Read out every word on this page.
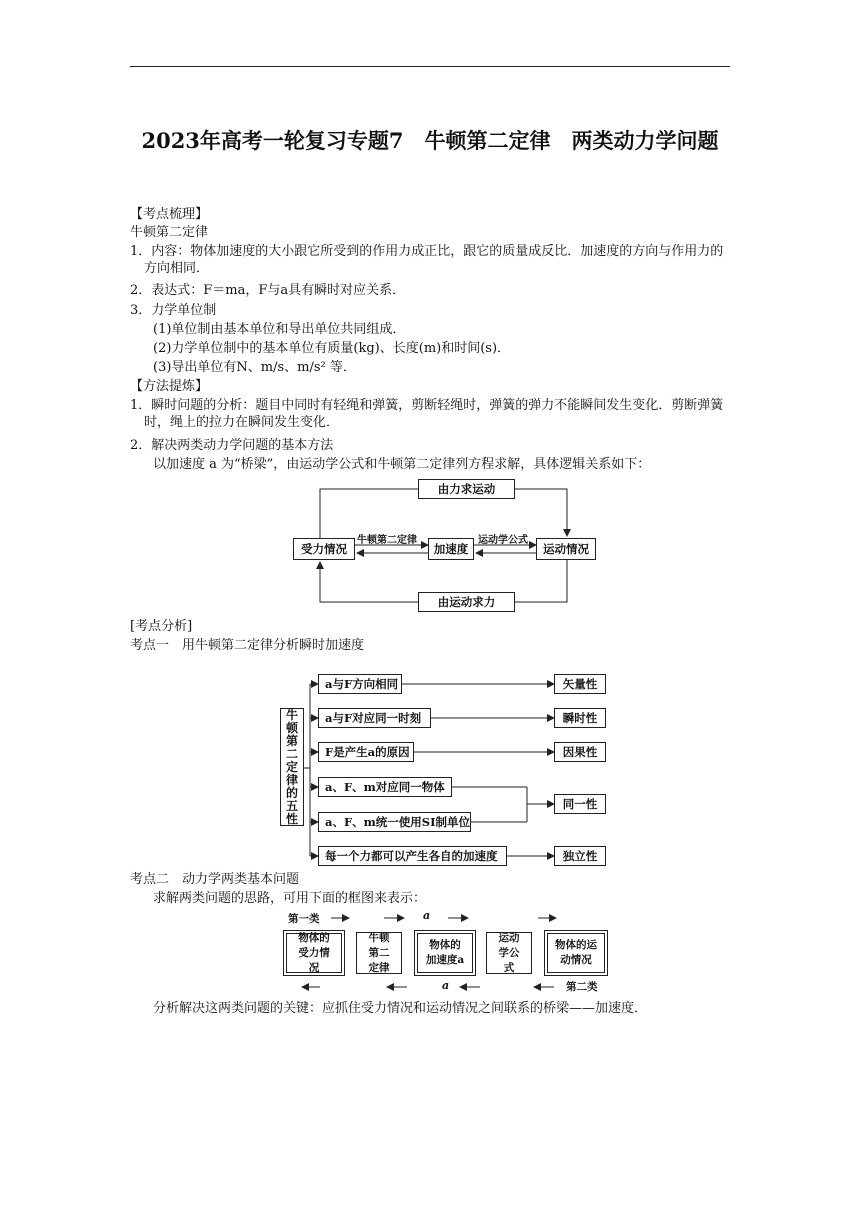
2023年高考一轮复习专题7　牛顿第二定律　两类动力学问题
【考点梳理】
牛顿第二定律
1．内容：物体加速度的大小跟它所受到的作用力成正比，跟它的质量成反比．加速度的方向与作用力的方向相同．
2．表达式：F＝ma，F与a具有瞬时对应关系．
3．力学单位制
(1)单位制由基本单位和导出单位共同组成．
(2)力学单位制中的基本单位有质量(kg)、长度(m)和时间(s)．
(3)导出单位有N、m/s、m/s² 等．
【方法提炼】
1．瞬时问题的分析：题目中同时有轻绳和弹簧，剪断轻绳时，弹簧的弹力不能瞬间发生变化．剪断弹簧时，绳上的拉力在瞬间发生变化．
2．解决两类动力学问题的基本方法
以加速度 a 为“桥梁”，由运动学公式和牛顿第二定律列方程求解，具体逻辑关系如下：
由力求运动
受力情况	加速度	运动情况
由运动求力
牛顿第二定律	运动学公式
[考点分析]
考点一　用牛顿第二定律分析瞬时加速度
牛顿第二定律的五性
a与F方向相同
a与F对应同一时刻
F是产生a的原因
a、F、m对应同一物体
a、F、m统一使用SI制单位
每一个力都可以产生各自的加速度
矢量性
瞬时性
因果性
同一性
独立性
考点二　动力学两类基本问题
求解两类问题的思路，可用下面的框图来表示：
第一类	a
a	第二类
物体的受力情况
牛顿第二定律
物体的加速度a
运动学公式
物体的运动情况
分析解决这两类问题的关键：应抓住受力情况和运动情况之间联系的桥梁——加速度．
